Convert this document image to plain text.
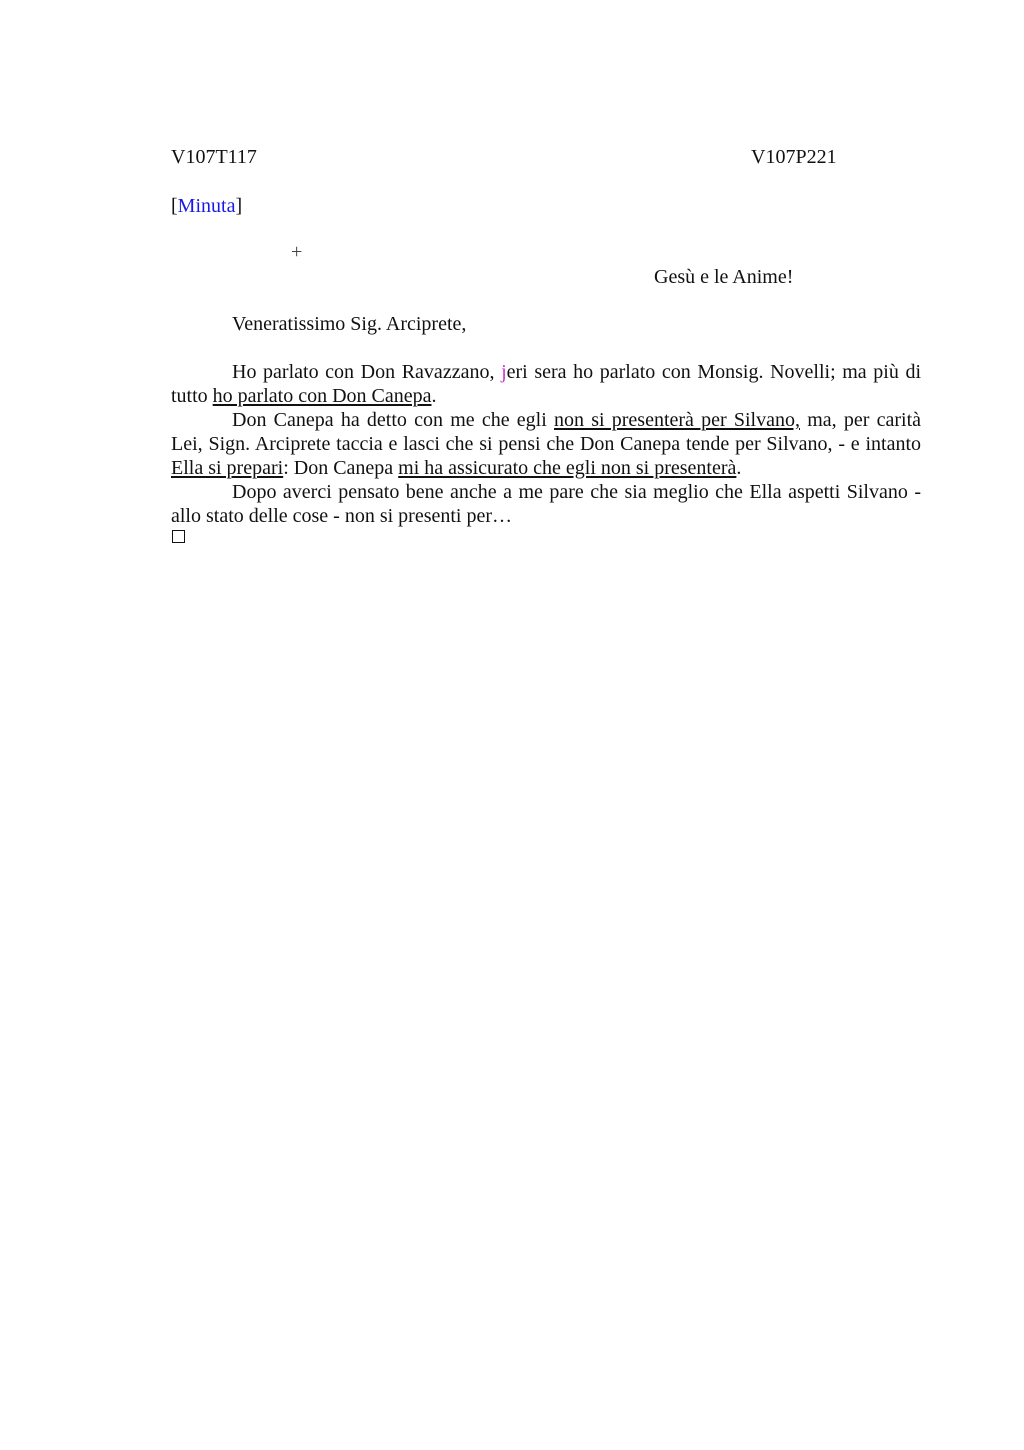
V107T117	V107P221
[Minuta]
+
Gesù e le Anime!
Veneratissimo Sig. Arciprete,

Ho parlato con Don Ravazzano, jeri sera ho parlato con Monsig. Novelli; ma più di tutto ho parlato con Don Canepa.

Don Canepa ha detto con me che egli non si presenterà per Silvano, ma, per carità Lei, Sign. Arciprete taccia e lasci che si pensi che Don Canepa tende per Silvano, - e intanto Ella si prepari: Don Canepa mi ha assicurato che egli non si presenterà.

Dopo averci pensato bene anche a me pare che sia meglio che Ella aspetti Silvano - allo stato delle cose - non si presenti per…
